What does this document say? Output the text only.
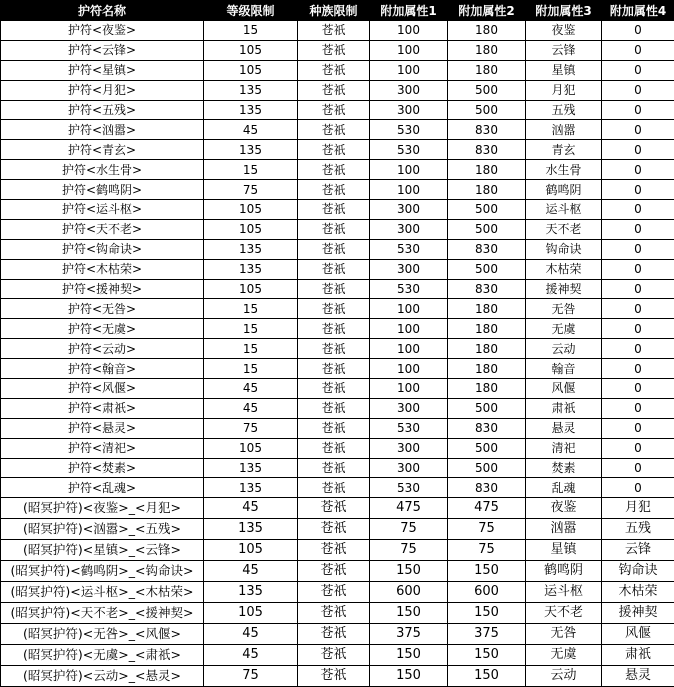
护符名称	等级限制	种族限制	附加属性1	附加属性2	附加属性3	附加属性4
护符<夜鉴>	15	苍祇	100	180	夜鉴	0
护符<云锋>	105	苍祇	100	180	云锋	0
护符<星镇>	105	苍祇	100	180	星镇	0
护符<月犯>	135	苍祇	300	500	月犯	0
护符<五残>	135	苍祇	300	500	五残	0
护符<汹嚣>	45	苍祇	530	830	汹嚣	0
护符<青玄>	135	苍祇	530	830	青玄	0
护符<水生骨>	15	苍祇	100	180	水生骨	0
护符<鹤鸣阴>	75	苍祇	100	180	鹤鸣阴	0
护符<运斗枢>	105	苍祇	300	500	运斗枢	0
护符<天不老>	105	苍祇	300	500	天不老	0
护符<钩命诀>	135	苍祇	530	830	钩命诀	0
护符<木枯荣>	135	苍祇	300	500	木枯荣	0
护符<援神契>	105	苍祇	530	830	援神契	0
护符<无咎>	15	苍祇	100	180	无咎	0
护符<无虞>	15	苍祇	100	180	无虞	0
护符<云动>	15	苍祇	100	180	云动	0
护符<翰音>	15	苍祇	100	180	翰音	0
护符<风偃>	45	苍祇	100	180	风偃	0
护符<肃祇>	45	苍祇	300	500	肃祇	0
护符<悬灵>	75	苍祇	530	830	悬灵	0
护符<清祀>	105	苍祇	300	500	清祀	0
护符<焚素>	135	苍祇	300	500	焚素	0
护符<乱魂>	135	苍祇	530	830	乱魂	0
(昭冥护符)<夜鉴>_<月犯>	45	苍祇	475	475	夜鉴	月犯
(昭冥护符)<汹嚣>_<五残>	135	苍祇	75	75	汹嚣	五残
(昭冥护符)<星镇>_<云锋>	105	苍祇	75	75	星镇	云锋
(昭冥护符)<鹤鸣阴>_<钩命诀>	45	苍祇	150	150	鹤鸣阴	钩命诀
(昭冥护符)<运斗枢>_<木枯荣>	135	苍祇	600	600	运斗枢	木枯荣
(昭冥护符)<天不老>_<援神契>	105	苍祇	150	150	天不老	援神契
(昭冥护符)<无咎>_<风偃>	45	苍祇	375	375	无咎	风偃
(昭冥护符)<无虞>_<肃祇>	45	苍祇	150	150	无虞	肃祇
(昭冥护符)<云动>_<悬灵>	75	苍祇	150	150	云动	悬灵
